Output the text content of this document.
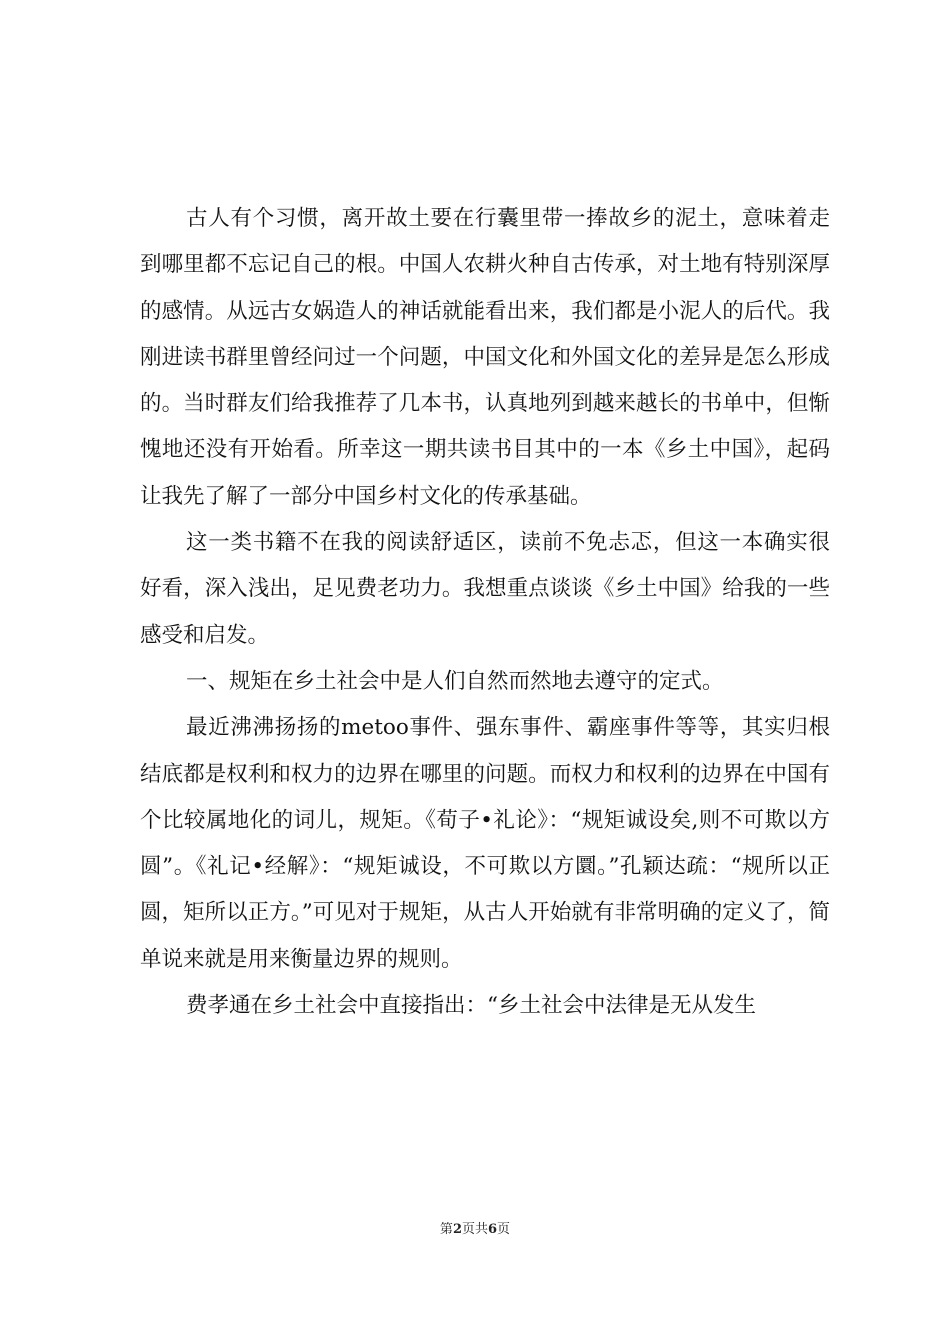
古人有个习惯，离开故土要在行囊里带一捧故乡的泥土，意味着走到哪里都不忘记自己的根。中国人农耕火种自古传承，对土地有特别深厚的感情。从远古女娲造人的神话就能看出来，我们都是小泥人的后代。我刚进读书群里曾经问过一个问题，中国文化和外国文化的差异是怎么形成的。当时群友们给我推荐了几本书，认真地列到越来越长的书单中，但惭愧地还没有开始看。所幸这一期共读书目其中的一本《乡土中国》，起码让我先了解了一部分中国乡村文化的传承基础。

这一类书籍不在我的阅读舒适区，读前不免忐忑，但这一本确实很好看，深入浅出，足见费老功力。我想重点谈谈《乡土中国》给我的一些感受和启发。

一、规矩在乡土社会中是人们自然而然地去遵守的定式。

最近沸沸扬扬的metoo事件、强东事件、霸座事件等等，其实归根结底都是权利和权力的边界在哪里的问题。而权力和权利的边界在中国有个比较属地化的词儿，规矩。《荀子•礼论》：“规矩诚设矣,则不可欺以方圆”。《礼记•经解》：“规矩诚设，不可欺以方圜。”孔颖达疏：“规所以正圆，矩所以正方。”可见对于规矩，从古人开始就有非常明确的定义了，简单说来就是用来衡量边界的规则。

费孝通在乡土社会中直接指出：“乡土社会中法律是无从发生

第2页共6页
